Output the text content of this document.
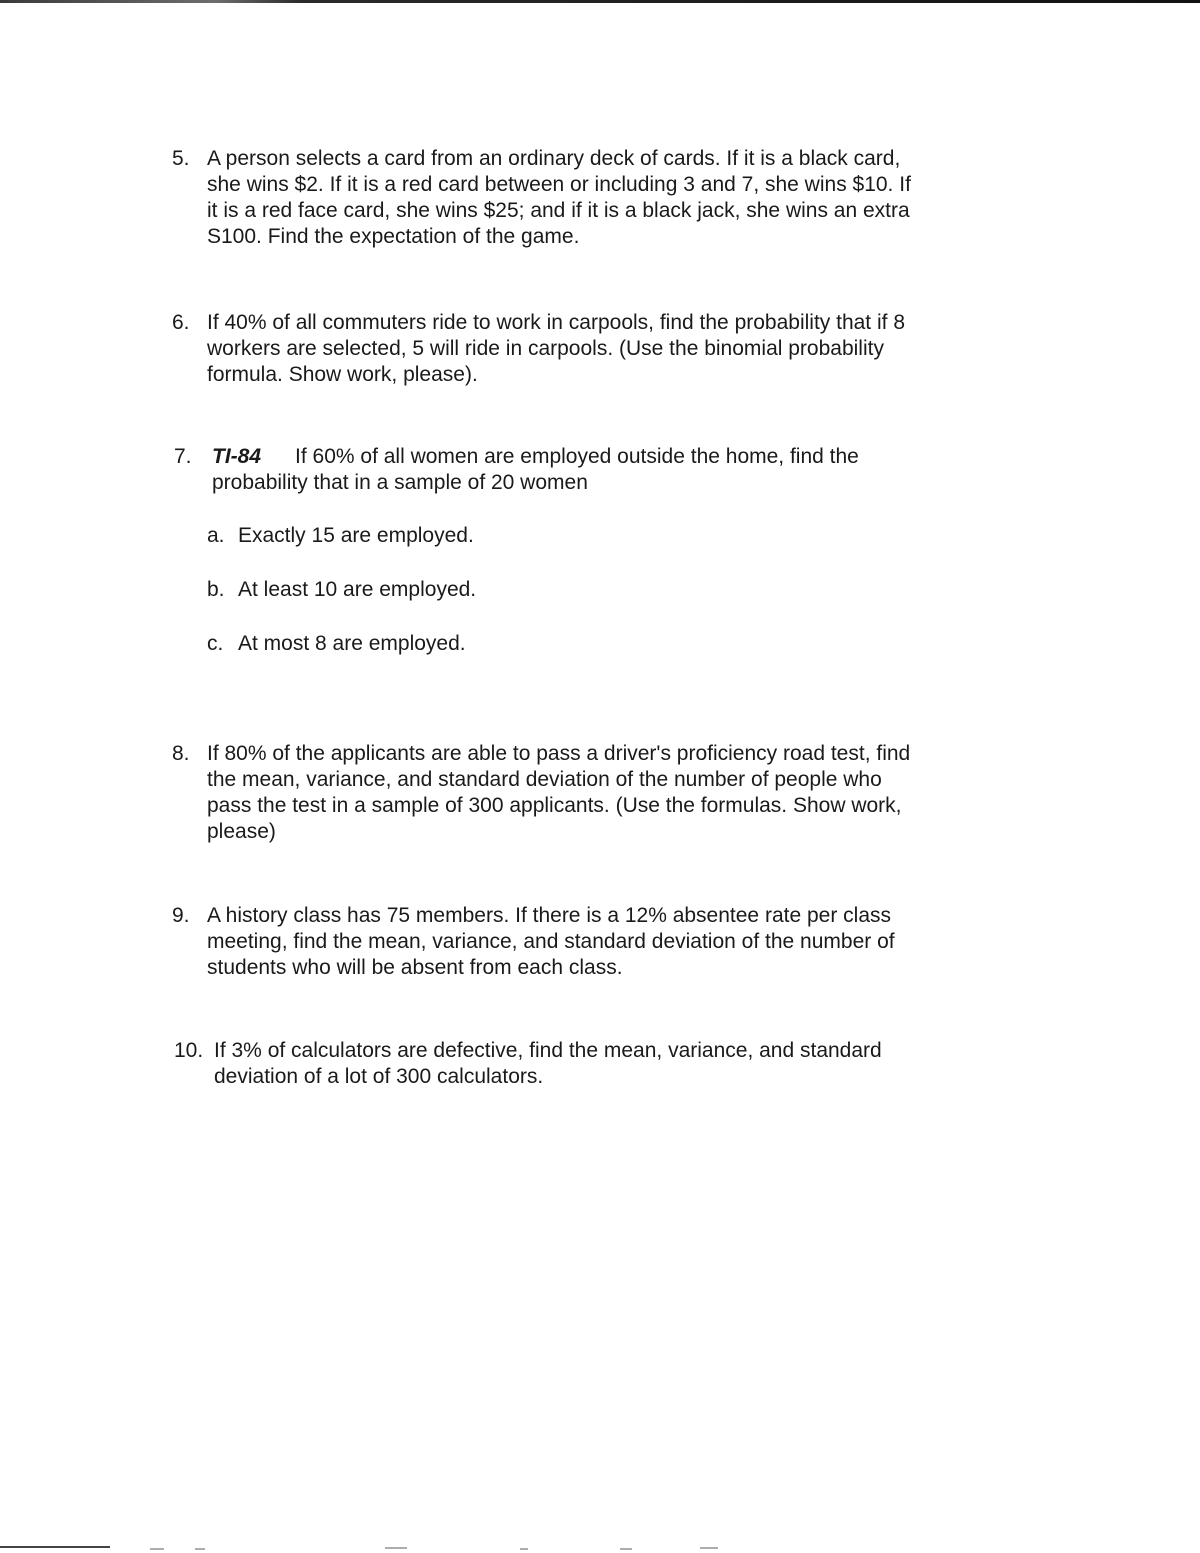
5. A person selects a card from an ordinary deck of cards. If it is a black card,
she wins $2. If it is a red card between or including 3 and 7, she wins $10. If
it is a red face card, she wins $25; and if it is a black jack, she wins an extra
S100. Find the expectation of the game.
6. If 40% of all commuters ride to work in carpools, find the probability that if 8
workers are selected, 5 will ride in carpools. (Use the binomial probability
formula. Show work, please).
7. TI-84 If 60% of all women are employed outside the home, find the
probability that in a sample of 20 women
a. Exactly 15 are employed.
b. At least 10 are employed.
c. At most 8 are employed.
8. If 80% of the applicants are able to pass a driver's proficiency road test, find
the mean, variance, and standard deviation of the number of people who
pass the test in a sample of 300 applicants. (Use the formulas. Show work,
please)
9. A history class has 75 members. If there is a 12% absentee rate per class
meeting, find the mean, variance, and standard deviation of the number of
students who will be absent from each class.
10. If 3% of calculators are defective, find the mean, variance, and standard
deviation of a lot of 300 calculators.
